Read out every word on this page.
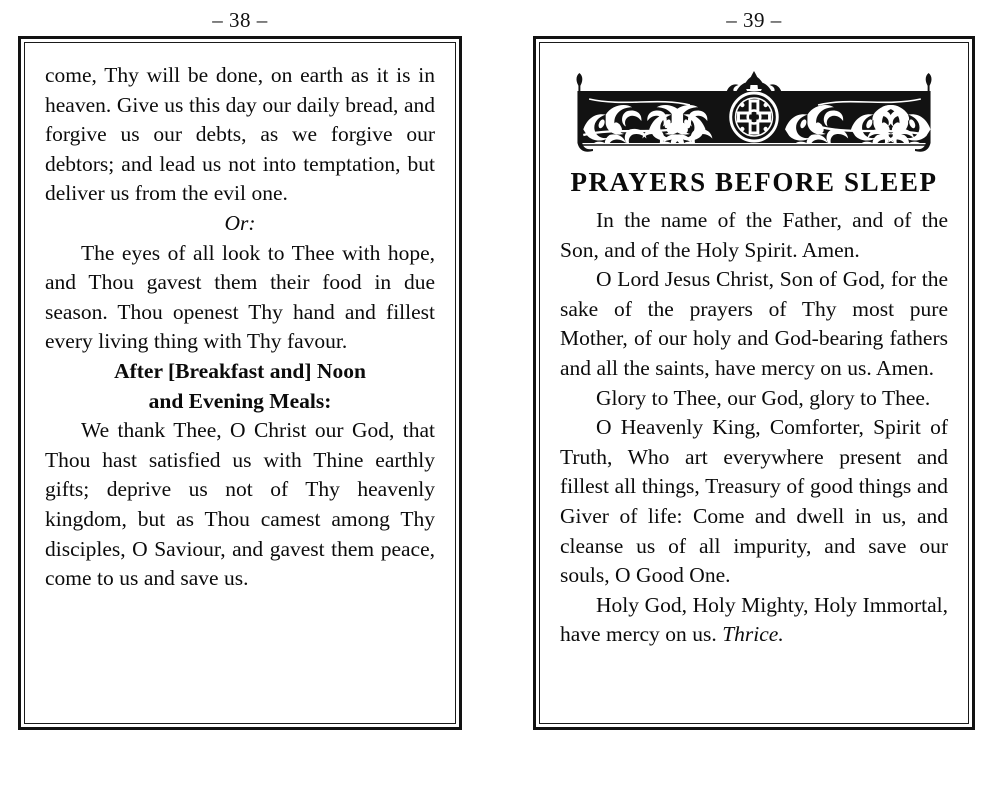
– 38 –

come, Thy will be done, on earth as it is in heaven. Give us this day our daily bread, and forgive us our debts, as we forgive our debtors; and lead us not into temptation, but deliver us from the evil one.

Or:

The eyes of all look to Thee with hope, and Thou gavest them their food in due season. Thou openest Thy hand and fillest every living thing with Thy favour.

After [Breakfast and] Noon

and Evening Meals:

We thank Thee, O Christ our God, that Thou hast satisfied us with Thine earthly gifts; deprive us not of Thy heavenly kingdom, but as Thou camest among Thy disciples, O Saviour, and gavest them peace, come to us and save us.

– 39 –
PRAYERS BEFORE SLEEP

In the name of the Father, and of the Son, and of the Holy Spirit. Amen.

O Lord Jesus Christ, Son of God, for the sake of the prayers of Thy most pure Mother, of our holy and God-bearing fathers and all the saints, have mercy on us. Amen.

Glory to Thee, our God, glory to Thee.

O Heavenly King, Comforter, Spirit of Truth, Who art everywhere present and fillest all things, Treasury of good things and Giver of life: Come and dwell in us, and cleanse us of all impurity, and save our souls, O Good One.

Holy God, Holy Mighty, Holy Immortal, have mercy on us. Thrice.
